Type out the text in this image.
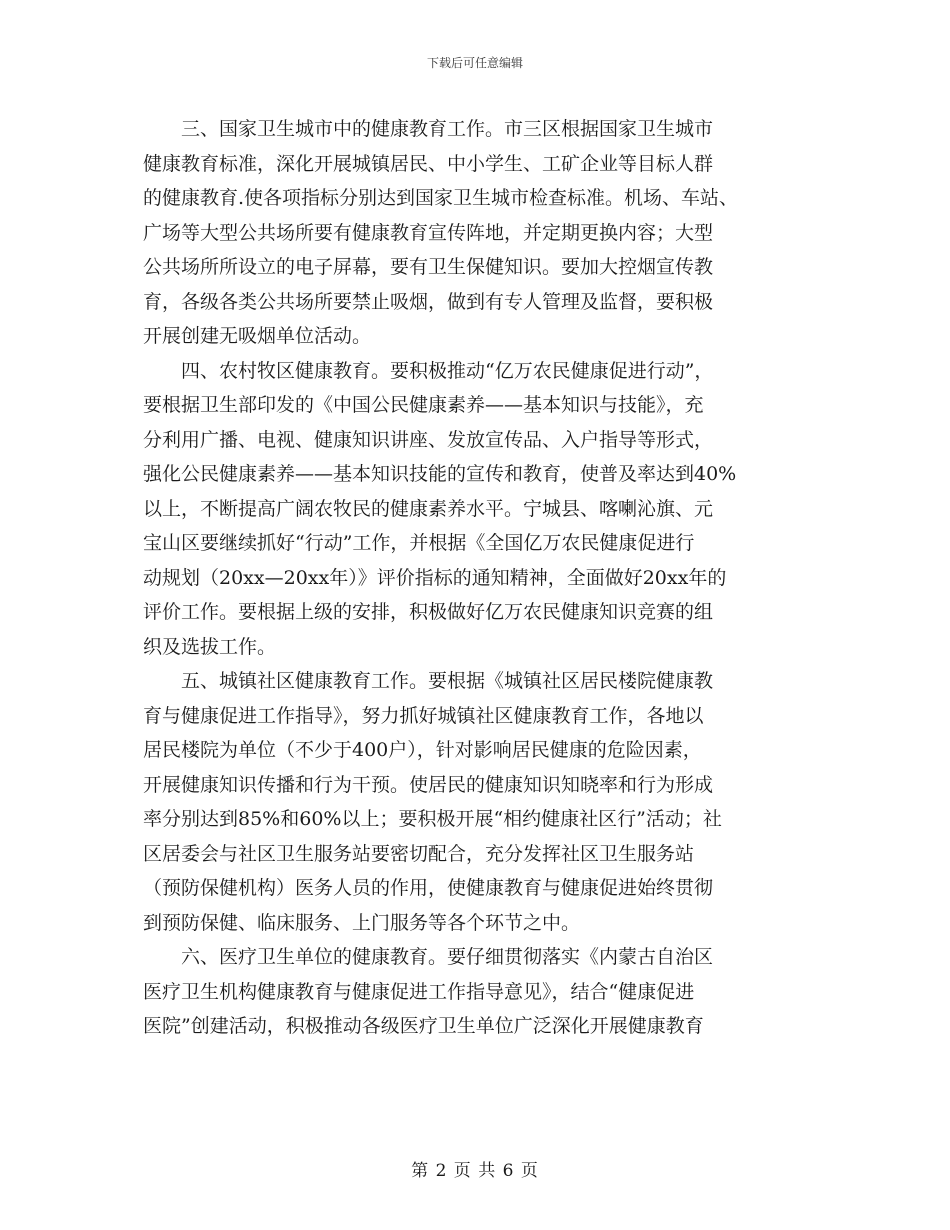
下载后可任意编辑
　　三、国家卫生城市中的健康教育工作。市三区根据国家卫生城市
健康教育标准，深化开展城镇居民、中小学生、工矿企业等目标人群
的健康教育.使各项指标分别达到国家卫生城市检查标准。机场、车站、
广场等大型公共场所要有健康教育宣传阵地，并定期更换内容；大型
公共场所所设立的电子屏幕，要有卫生保健知识。要加大控烟宣传教
育，各级各类公共场所要禁止吸烟，做到有专人管理及监督，要积极
开展创建无吸烟单位活动。
　　四、农村牧区健康教育。要积极推动“亿万农民健康促进行动”，
要根据卫生部印发的《中国公民健康素养——基本知识与技能》，充
分利用广播、电视、健康知识讲座、发放宣传品、入户指导等形式，
强化公民健康素养——基本知识技能的宣传和教育，使普及率达到40%
以上，不断提高广阔农牧民的健康素养水平。宁城县、喀喇沁旗、元
宝山区要继续抓好“行动”工作，并根据《全国亿万农民健康促进行
动规划（20xx—20xx年）》评价指标的通知精神，全面做好20xx年的
评价工作。要根据上级的安排，积极做好亿万农民健康知识竞赛的组
织及选拔工作。
　　五、城镇社区健康教育工作。要根据《城镇社区居民楼院健康教
育与健康促进工作指导》，努力抓好城镇社区健康教育工作，各地以
居民楼院为单位（不少于400户），针对影响居民健康的危险因素，
开展健康知识传播和行为干预。使居民的健康知识知晓率和行为形成
率分别达到85%和60%以上；要积极开展“相约健康社区行”活动；社
区居委会与社区卫生服务站要密切配合，充分发挥社区卫生服务站
（预防保健机构）医务人员的作用，使健康教育与健康促进始终贯彻
到预防保健、临床服务、上门服务等各个环节之中。
　　六、医疗卫生单位的健康教育。要仔细贯彻落实《内蒙古自治区
医疗卫生机构健康教育与健康促进工作指导意见》，结合“健康促进
医院”创建活动，积极推动各级医疗卫生单位广泛深化开展健康教育
第 2 页 共 6 页
